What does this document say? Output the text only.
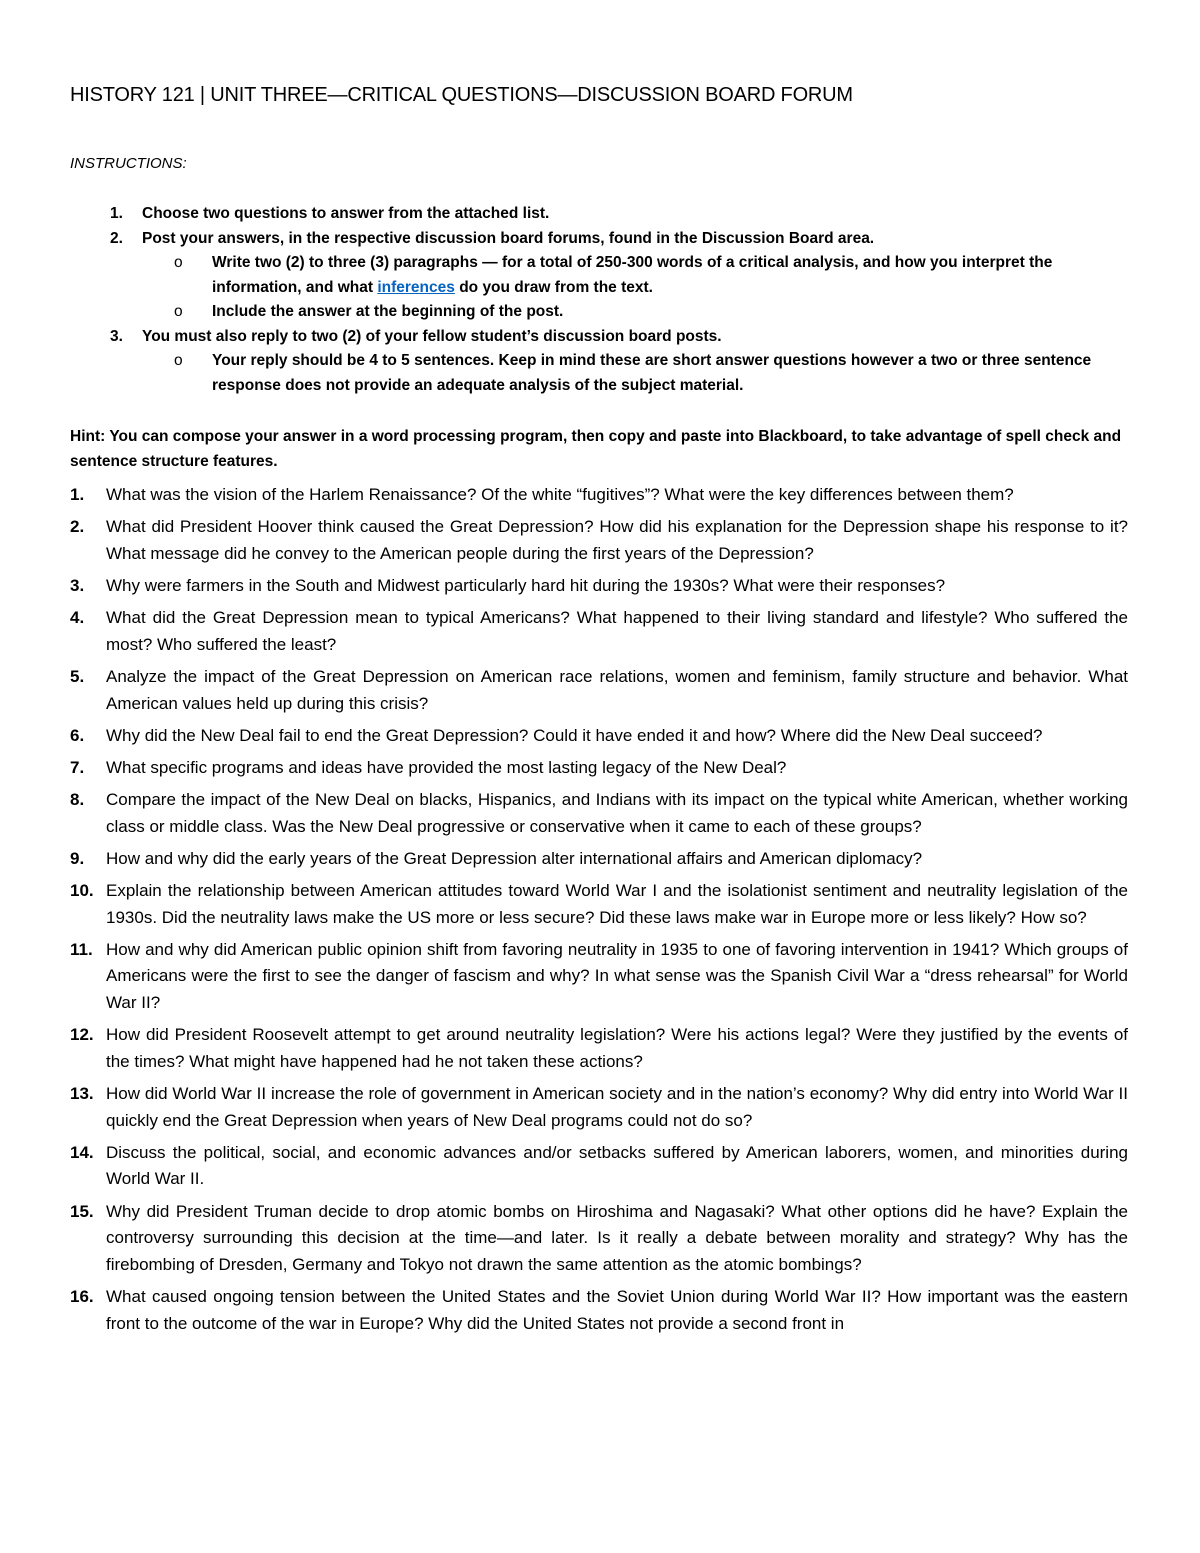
HISTORY 121 | UNIT THREE—CRITICAL QUESTIONS—DISCUSSION BOARD FORUM
INSTRUCTIONS:
1. Choose two questions to answer from the attached list.
2. Post your answers, in the respective discussion board forums, found in the Discussion Board area.
o Write two (2) to three (3) paragraphs — for a total of 250-300 words of a critical analysis, and how you interpret the information, and what inferences do you draw from the text.
o Include the answer at the beginning of the post.
3. You must also reply to two (2) of your fellow student’s discussion board posts.
o Your reply should be 4 to 5 sentences. Keep in mind these are short answer questions however a two or three sentence response does not provide an adequate analysis of the subject material.
Hint: You can compose your answer in a word processing program, then copy and paste into Blackboard, to take advantage of spell check and sentence structure features.
1. What was the vision of the Harlem Renaissance? Of the white “fugitives”? What were the key differences between them?
2. What did President Hoover think caused the Great Depression? How did his explanation for the Depression shape his response to it? What message did he convey to the American people during the first years of the Depression?
3. Why were farmers in the South and Midwest particularly hard hit during the 1930s? What were their responses?
4. What did the Great Depression mean to typical Americans? What happened to their living standard and lifestyle? Who suffered the most? Who suffered the least?
5. Analyze the impact of the Great Depression on American race relations, women and feminism, family structure and behavior. What American values held up during this crisis?
6. Why did the New Deal fail to end the Great Depression? Could it have ended it and how? Where did the New Deal succeed?
7. What specific programs and ideas have provided the most lasting legacy of the New Deal?
8. Compare the impact of the New Deal on blacks, Hispanics, and Indians with its impact on the typical white American, whether working class or middle class. Was the New Deal progressive or conservative when it came to each of these groups?
9. How and why did the early years of the Great Depression alter international affairs and American diplomacy?
10. Explain the relationship between American attitudes toward World War I and the isolationist sentiment and neutrality legislation of the 1930s. Did the neutrality laws make the US more or less secure? Did these laws make war in Europe more or less likely? How so?
11. How and why did American public opinion shift from favoring neutrality in 1935 to one of favoring intervention in 1941? Which groups of Americans were the first to see the danger of fascism and why? In what sense was the Spanish Civil War a “dress rehearsal” for World War II?
12. How did President Roosevelt attempt to get around neutrality legislation? Were his actions legal? Were they justified by the events of the times? What might have happened had he not taken these actions?
13. How did World War II increase the role of government in American society and in the nation’s economy? Why did entry into World War II quickly end the Great Depression when years of New Deal programs could not do so?
14. Discuss the political, social, and economic advances and/or setbacks suffered by American laborers, women, and minorities during World War II.
15. Why did President Truman decide to drop atomic bombs on Hiroshima and Nagasaki? What other options did he have? Explain the controversy surrounding this decision at the time—and later. Is it really a debate between morality and strategy? Why has the firebombing of Dresden, Germany and Tokyo not drawn the same attention as the atomic bombings?
16. What caused ongoing tension between the United States and the Soviet Union during World War II? How important was the eastern front to the outcome of the war in Europe? Why did the United States not provide a second front in
